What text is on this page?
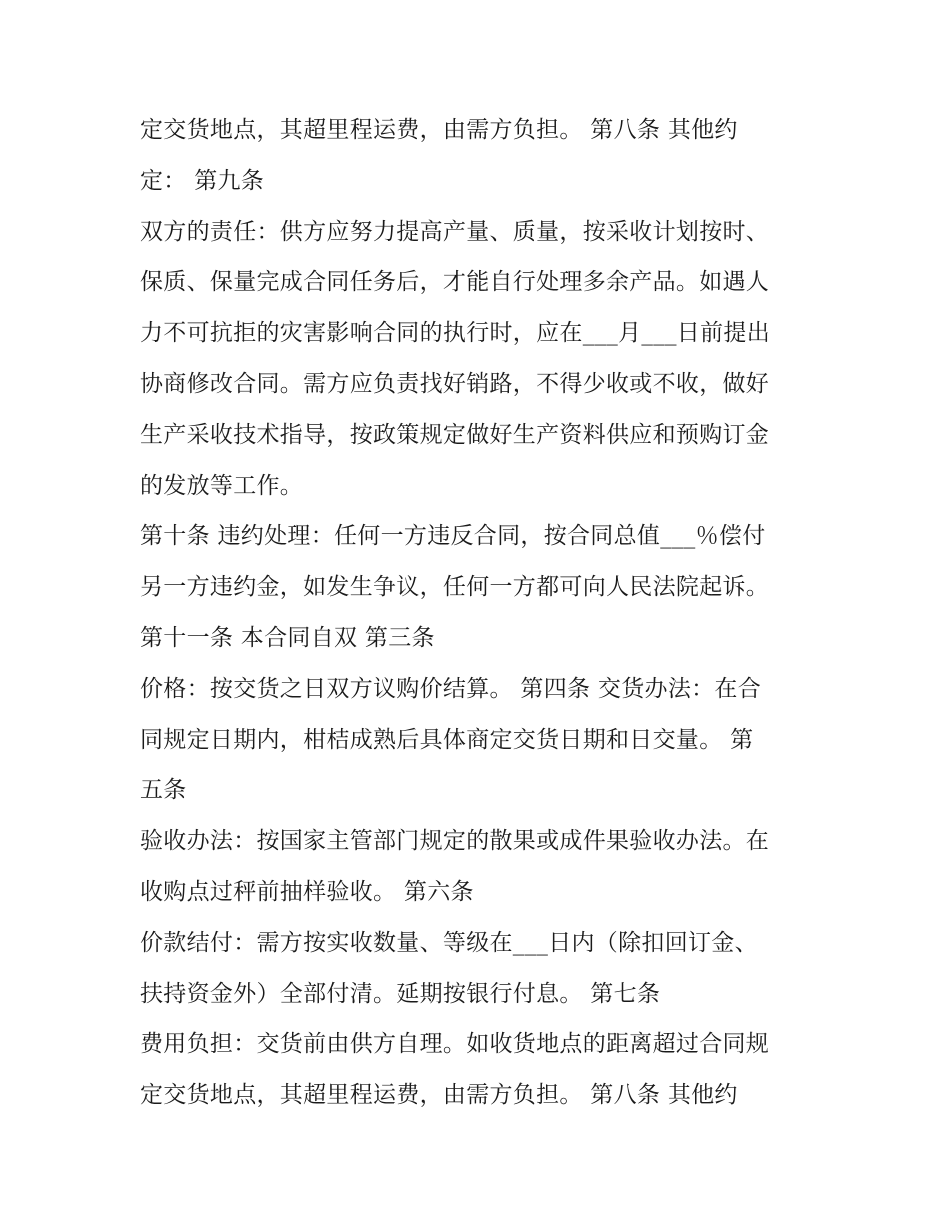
定交货地点，其超里程运费，由需方负担。 第八条 其他约
定： 第九条
双方的责任：供方应努力提高产量、质量，按采收计划按时、
保质、保量完成合同任务后，才能自行处理多余产品。如遇人
力不可抗拒的灾害影响合同的执行时，应在___月___日前提出
协商修改合同。需方应负责找好销路，不得少收或不收，做好
生产采收技术指导，按政策规定做好生产资料供应和预购订金
的发放等工作。
第十条 违约处理：任何一方违反合同，按合同总值___％偿付
另一方违约金，如发生争议，任何一方都可向人民法院起诉。
第十一条 本合同自双 第三条
价格：按交货之日双方议购价结算。 第四条 交货办法：在合
同规定日期内，柑桔成熟后具体商定交货日期和日交量。 第
五条
验收办法：按国家主管部门规定的散果或成件果验收办法。在
收购点过秤前抽样验收。 第六条
价款结付：需方按实收数量、等级在___日内（除扣回订金、
扶持资金外）全部付清。延期按银行付息。 第七条
费用负担：交货前由供方自理。如收货地点的距离超过合同规
定交货地点，其超里程运费，由需方负担。 第八条 其他约
